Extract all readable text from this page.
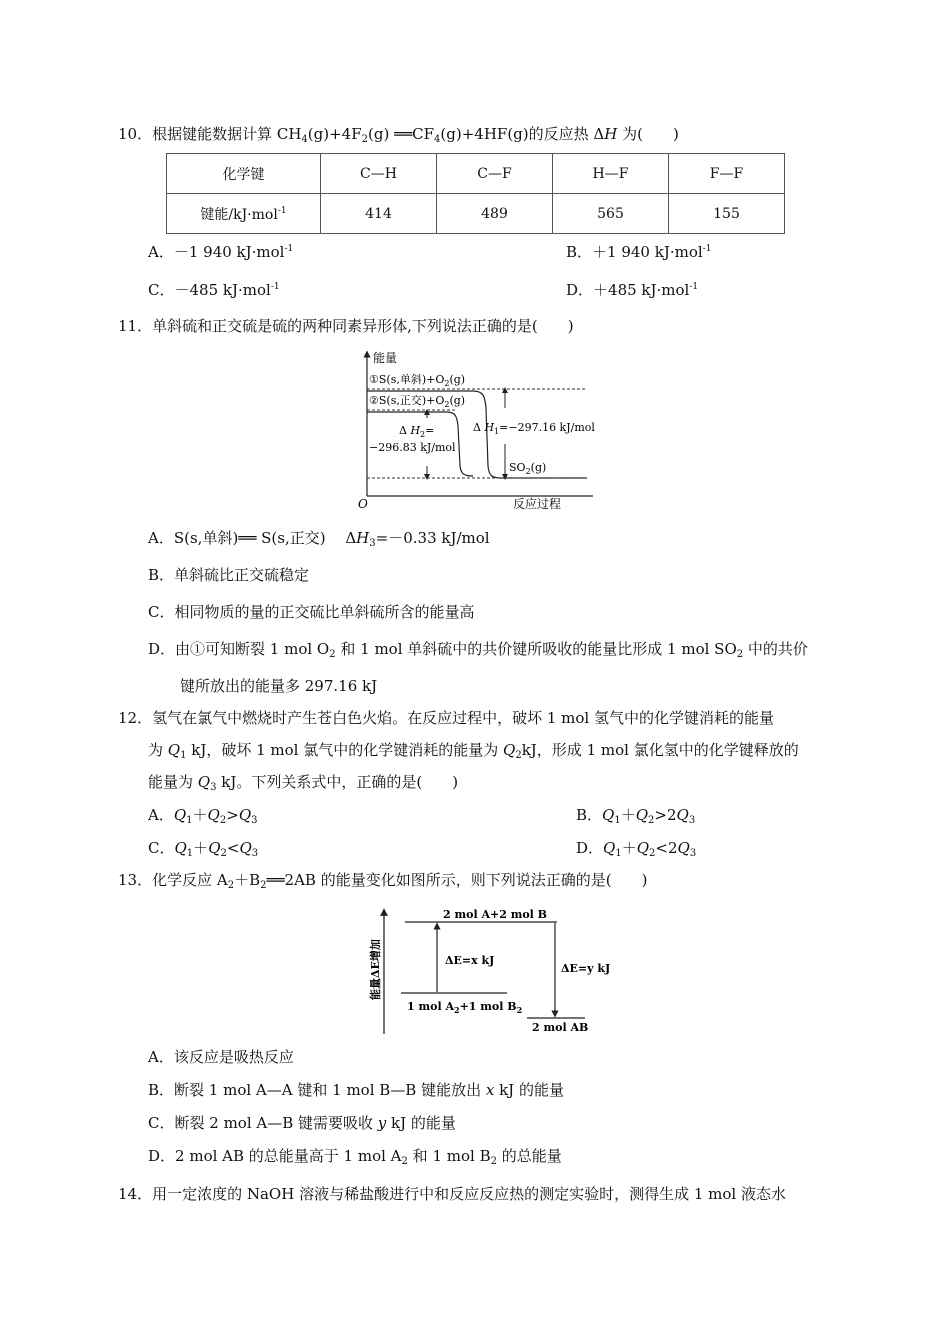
10．根据键能数据计算 $CH_4(g)+4F_2(g)$ $══CF_4(g)+4HF(g)$的反应热 ΔH 为(　　)
化学键	C—H	C—F	H—F	F—F
键能/kJ·mol$^{-1}$	414	489	565	155
A．－1 940 kJ·mol$^{-1}$	B．＋1 940 kJ·mol$^{-1}$
C．－485 kJ·mol$^{-1}$	D．＋485 kJ·mol$^{-1}$
11．单斜硫和正交硫是硫的两种同素异形体,下列说法正确的是(　　)
能量
①S(s,单斜)$+O_2(g)$
②S(s,正交)$+O_2(g)$
Δ $H_2=$
−296.83 kJ/mol
Δ $H_1=-297.16$ kJ/mol
$SO_2(g)$
O	反应过程
A．S(s,单斜)══ S(s,正交)　 $\Delta H_3=-0.33$ kJ/mol
B．单斜硫比正交硫稳定
C．相同物质的量的正交硫比单斜硫所含的能量高
D．由①可知断裂 1 mol $O_2$ 和 1 mol 单斜硫中的共价键所吸收的能量比形成 1 mol $SO_2$ 中的共价
键所放出的能量多 297.16 kJ
12．氢气在氯气中燃烧时产生苍白色火焰。在反应过程中，破坏 1 mol 氢气中的化学键消耗的能量
为 $Q_1$ kJ，破坏 1 mol 氯气中的化学键消耗的能量为 $Q_2kJ$，形成 1 mol 氯化氢中的化学键释放的
能量为 $Q_3$ kJ。下列关系式中，正确的是(　　)
A．$Q_1+Q_2>Q_3$	B．$Q_1+Q_2>2Q_3$
C．$Q_1+Q_2<Q_3$	D．$Q_1+Q_2<2Q_3$
13．化学反应 $A_2+B_2══2AB$ 的能量变化如图所示，则下列说法正确的是(　　)
能量ΔE增加
2 mol A+2 mol B
1 mol $A_2+1$ mol $B_2$
2 mol AB
ΔE=x kJ
ΔE=y kJ
A．该反应是吸热反应
B．断裂 1 mol A—A 键和 1 mol B—B 键能放出 x kJ 的能量
C．断裂 2 mol A—B 键需要吸收 y kJ 的能量
D．2 mol AB 的总能量高于 1 mol $A_2$ 和 1 mol $B_2$ 的总能量
14．用一定浓度的 NaOH 溶液与稀盐酸进行中和反应反应热的测定实验时，测得生成 1 mol 液态水
